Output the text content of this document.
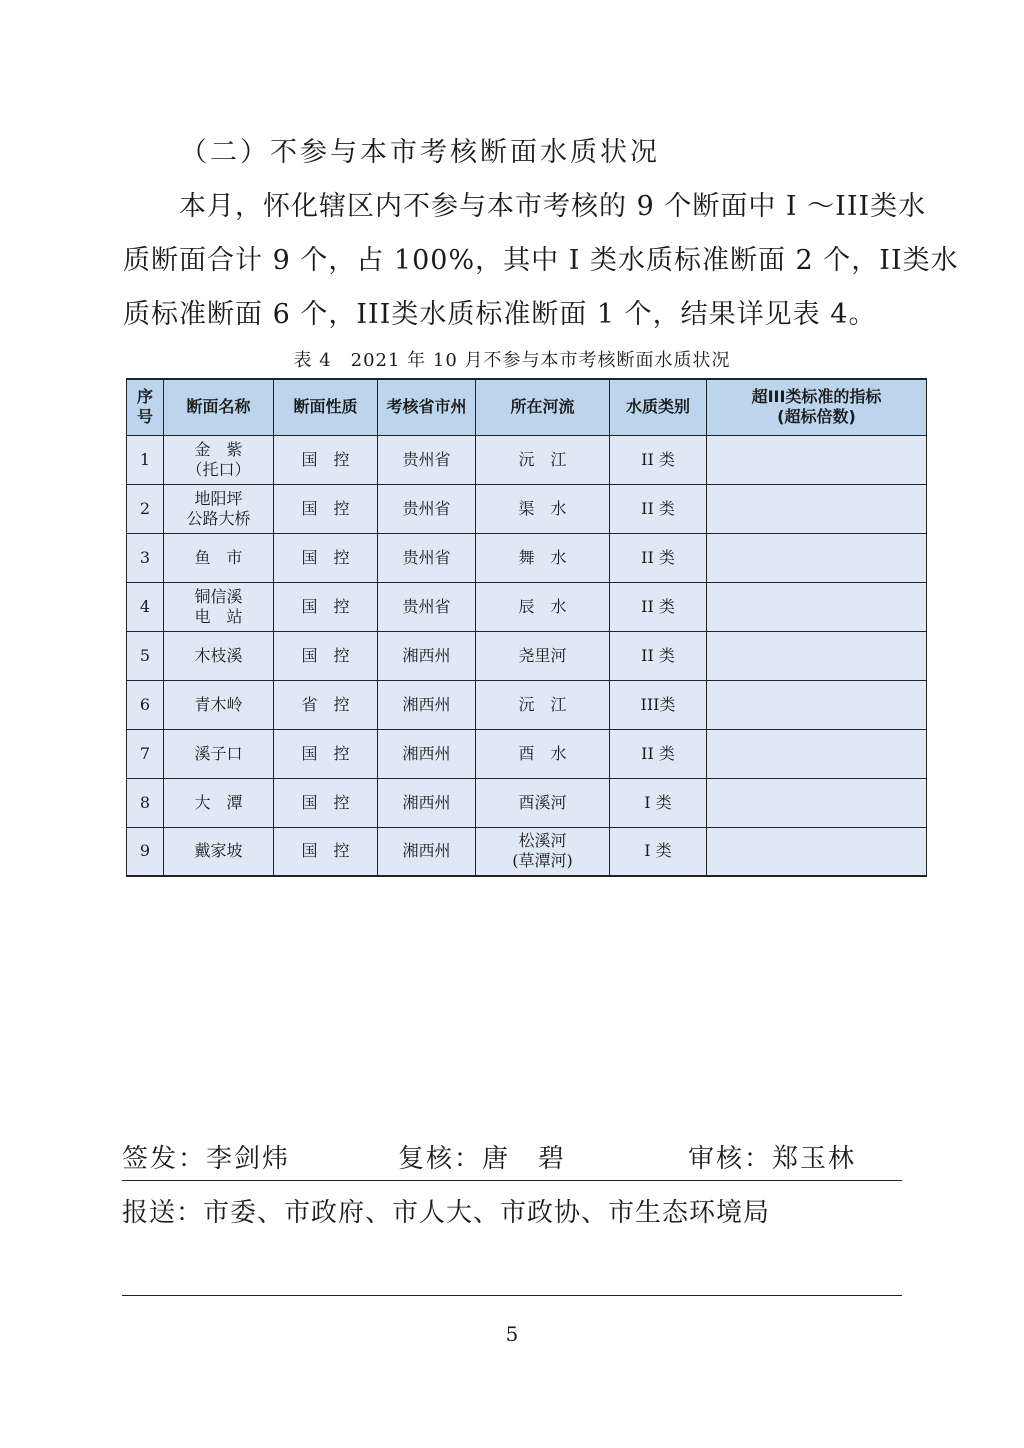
（二）不参与本市考核断面水质状况
本月，怀化辖区内不参与本市考核的 9 个断面中 I ～III类水
质断面合计 9 个，占 100%，其中 I 类水质标准断面 2 个，II类水
质标准断面 6 个，III类水质标准断面 1 个，结果详见表 4。
表 4　2021 年 10 月不参与本市考核断面水质状况
序
号	断面名称	断面性质	考核省市州	所在河流	水质类别	超III类标准的指标
(超标倍数)

1	金　紫
（托口）	国　控	贵州省	沅　江	II 类	

2	地阳坪
公路大桥	国　控	贵州省	渠　水	II 类	

3	鱼　市	国　控	贵州省	舞　水	II 类	

4	铜信溪
电　站	国　控	贵州省	辰　水	II 类	

5	木枝溪	国　控	湘西州	尧里河	II 类	

6	青木岭	省　控	湘西州	沅　江	III类	

7	溪子口	国　控	湘西州	酉　水	II 类	

8	大　潭	国　控	湘西州	酉溪河	I 类	

9	戴家坡	国　控	湘西州	松溪河
(草潭河)	I 类	

签发：李剑炜	复核：唐　碧	审核：郑玉林
报送：市委、市政府、市人大、市政协、市生态环境局
5
